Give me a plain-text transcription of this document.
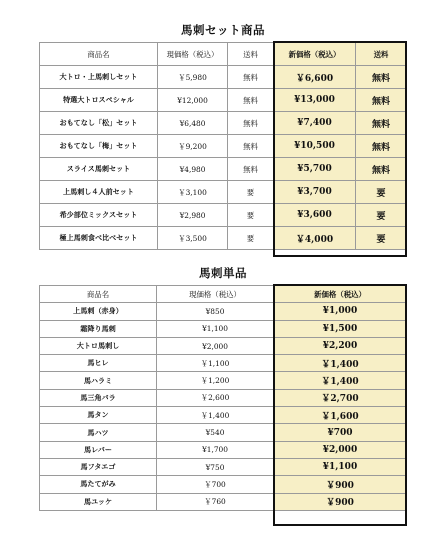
馬刺セット商品
商品名	現価格（税込）	送料	新価格（税込）	送料
大トロ・上馬刺しセット	￥5,980	無料	￥6,600	無料
特選大トロスペシャル	¥12,000	無料	¥13,000	無料
おもてなし「松」セット	¥6,480	無料	¥7,400	無料
おもてなし「梅」セット	￥9,200	無料	¥10,500	無料
スライス馬刺セット	¥4,980	無料	¥5,700	無料
上馬刺し４人前セット	￥3,100	要	¥3,700	要
希少部位ミックスセット	¥2,980	要	¥3,600	要
極上馬刺食べ比べセット	￥3,500	要	￥4,000	要
馬刺単品
商品名	現価格（税込）	新価格（税込）
上馬刺（赤身）	¥850	¥1,000
霜降り馬刺	¥1,100	¥1,500
大トロ馬刺し	¥2,000	¥2,200
馬ヒレ	￥1,100	￥1,400
馬ハラミ	￥1,200	￥1,400
馬三角バラ	￥2,600	￥2,700
馬タン	￥1,400	￥1,600
馬ハツ	¥540	¥700
馬レバー	¥1,700	¥2,000
馬フタエゴ	¥750	¥1,100
馬たてがみ	￥700	￥900
馬ユッケ	￥760	￥900
